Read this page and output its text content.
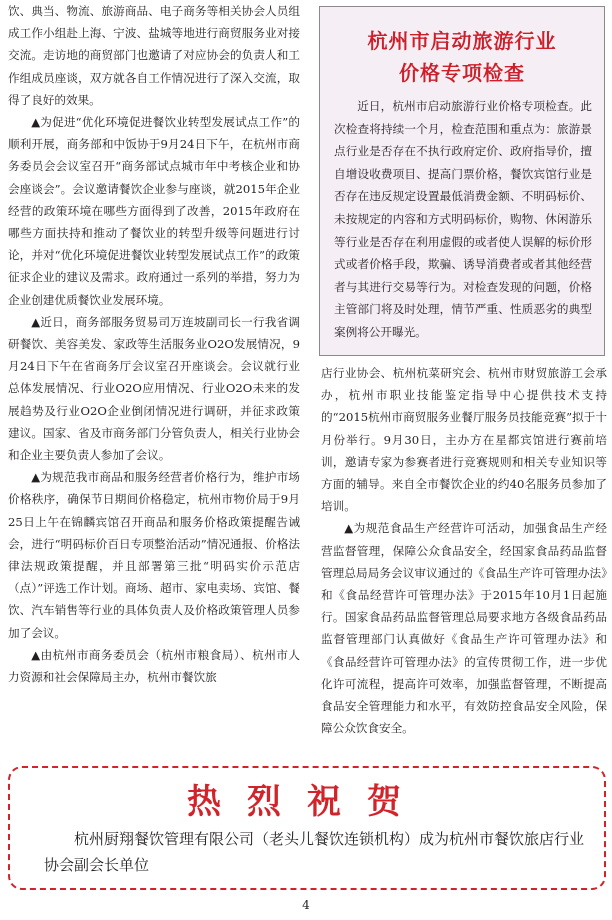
饮、典当、物流、旅游商品、电子商务等相关协会人员组成工作小组赴上海、宁波、盐城等地进行商贸服务业对接交流。走访地的商贸部门也邀请了对应协会的负责人和工作组成员座谈，双方就各自工作情况进行了深入交流，取得了良好的效果。

▲为促进“优化环境促进餐饮业转型发展试点工作”的顺利开展，商务部和中饭协于9月24日下午，在杭州市商务委员会会议室召开“商务部试点城市年中考核企业和协会座谈会”。会议邀请餐饮企业参与座谈，就2015年企业经营的政策环境在哪些方面得到了改善，2015年政府在哪些方面扶持和推动了餐饮业的转型升级等问题进行讨论，并对“优化环境促进餐饮业转型发展试点工作”的政策征求企业的建议及需求。政府通过一系列的举措，努力为企业创建优质餐饮业发展环境。

▲近日，商务部服务贸易司万连坡副司长一行我省调研餐饮、美容美发、家政等生活服务业O2O发展情况，9月24日下午在省商务厅会议室召开座谈会。会议就行业总体发展情况、行业O2O应用情况、行业O2O未来的发展趋势及行业O2O企业倒闭情况进行调研，并征求政策建议。国家、省及市商务部门分管负责人，相关行业协会和企业主要负责人参加了会议。

▲为规范我市商品和服务经营者价格行为，维护市场价格秩序，确保节日期间价格稳定，杭州市物价局于9月25日上午在锦麟宾馆召开商品和服务价格政策提醒告诫会，进行“明码标价百日专项整治活动”情况通报、价格法律法规政策提醒，并且部署第三批“明码实价示范店（点）”评选工作计划。商场、超市、家电卖场、宾馆、餐饮、汽车销售等行业的具体负责人及价格政策管理人员参加了会议。

▲由杭州市商务委员会（杭州市粮食局）、杭州市人力资源和社会保障局主办，杭州市餐饮旅

杭州市启动旅游行业
价格专项检查
近日，杭州市启动旅游行业价格专项检查。此次检查将持续一个月，检查范围和重点为：旅游景点行业是否存在不执行政府定价、政府指导价，擅自增设收费项目、提高门票价格，餐饮宾馆行业是否存在违反规定设置最低消费金额、不明码标价、未按规定的内容和方式明码标价，购物、休闲游乐等行业是否存在利用虚假的或者使人误解的标价形式或者价格手段，欺骗、诱导消费者或者其他经营者与其进行交易等行为。对检查发现的问题，价格主管部门将及时处理，情节严重、性质恶劣的典型案例将公开曝光。

店行业协会、杭州杭菜研究会、杭州市财贸旅游工会承办，杭州市职业技能鉴定指导中心提供技术支持的“2015杭州市商贸服务业餐厅服务员技能竞赛”拟于十月份举行。9月30日，主办方在星都宾馆进行赛前培训，邀请专家为参赛者进行竞赛规则和相关专业知识等方面的辅导。来自全市餐饮企业的约40名服务员参加了培训。

▲为规范食品生产经营许可活动，加强食品生产经营监督管理，保障公众食品安全，经国家食品药品监督管理总局局务会议审议通过的《食品生产许可管理办法》和《食品经营许可管理办法》于2015年10月1日起施行。国家食品药品监督管理总局要求地方各级食品药品监督管理部门认真做好《食品生产许可管理办法》和《食品经营许可管理办法》的宣传贯彻工作，进一步优化许可流程，提高许可效率，加强监督管理，不断提高食品安全管理能力和水平，有效防控食品安全风险，保障公众饮食安全。

热烈祝贺
杭州厨翔餐饮管理有限公司（老头儿餐饮连锁机构）成为杭州市餐饮旅店行业协会副会长单位
4
